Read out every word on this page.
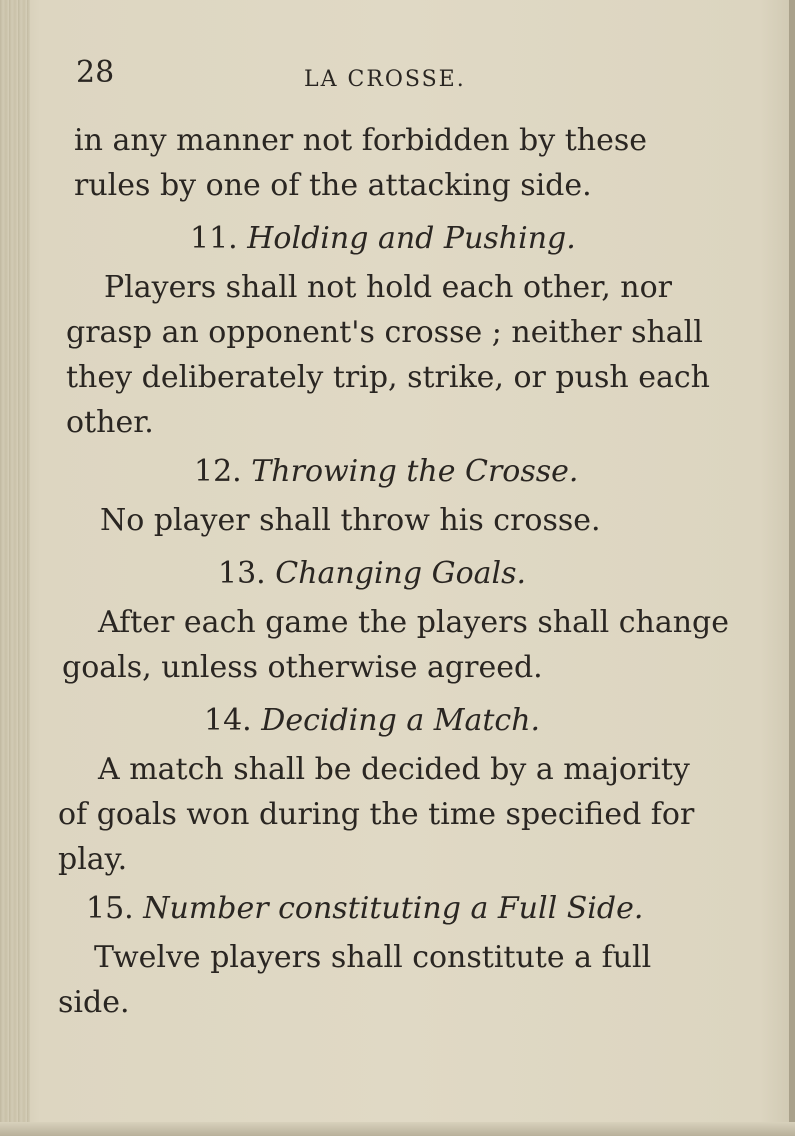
28	LA CROSSE.

in any manner not forbidden by these
rules by one of the attacking side.

11. Holding and Pushing.

Players shall not hold each other, nor
grasp an opponent's crosse ; neither shall
they deliberately trip, strike, or push each
other.

12. Throwing the Crosse.

No player shall throw his crosse.

13. Changing Goals.

After each game the players shall change
goals, unless otherwise agreed.

14. Deciding a Match.

A match shall be decided by a majority
of goals won during the time specified for
play.

15. Number constituting a Full Side.

Twelve players shall constitute a full
side.
